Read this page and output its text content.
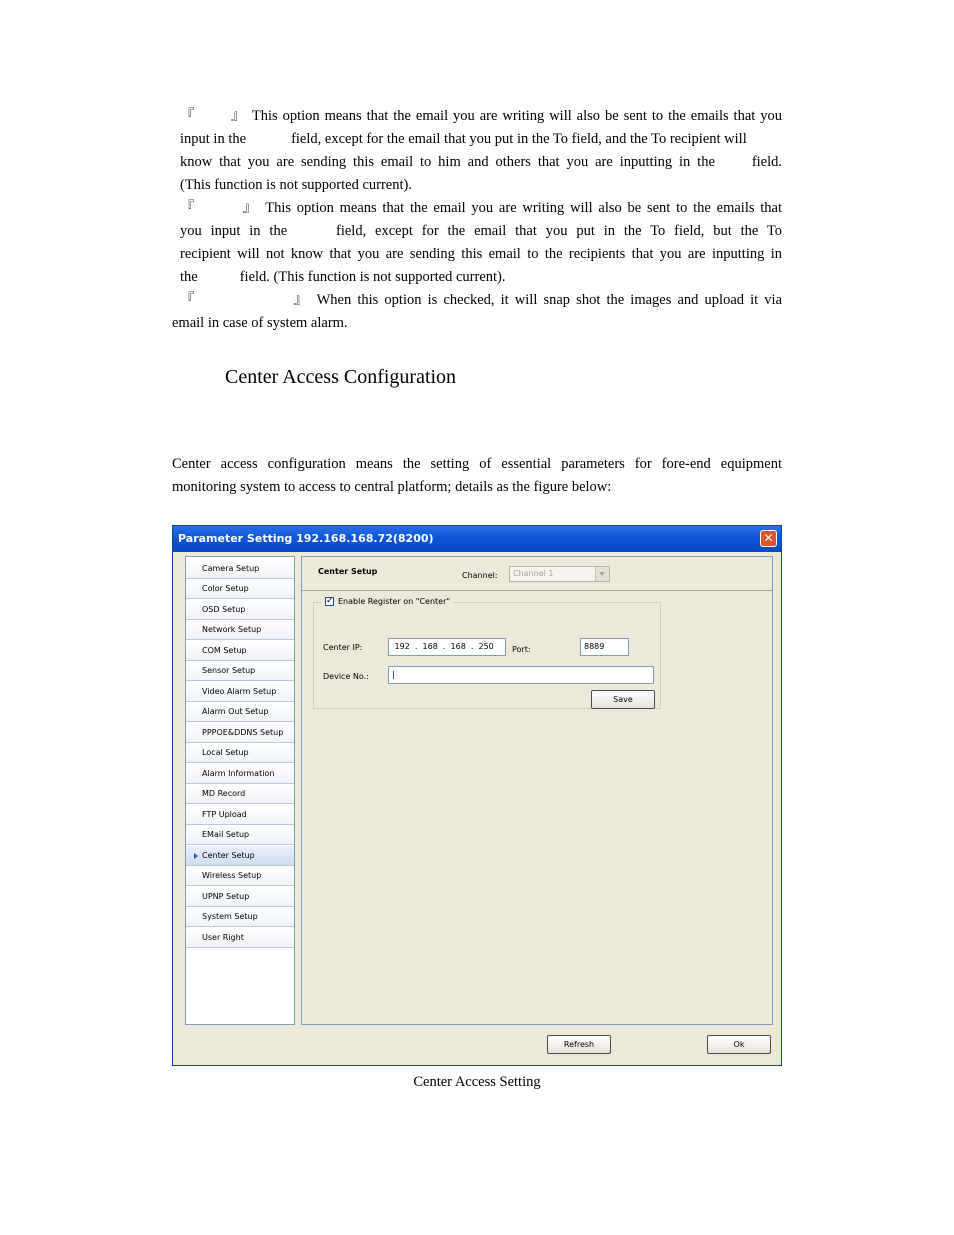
『 』 This option means that the email you are writing will also be sent to the emails that you
input in the	field, except for the email that you put in the To field, and the To recipient will
know that you are sending this email to him and others that you are inputting in the	field.
(This function is not supported current).
『	』 This option means that the email you are writing will also be sent to the emails that
you input in the	field, except for the email that you put in the To field, but the To
recipient will not know that you are sending this email to the recipients that you are inputting in
the	field. (This function is not supported current).
『	』 When this option is checked, it will snap shot the images and upload it via
email in case of system alarm.
Center Access Configuration
Center access configuration means the setting of essential parameters for fore-end equipment
monitoring system to access to central platform; details as the figure below:
Parameter Setting 192.168.168.72(8200)	✕
Camera Setup
Color Setup
OSD Setup
Network Setup
COM Setup
Sensor Setup
Video Alarm Setup
Alarm Out Setup
PPPOE&DDNS Setup
Local Setup
Alarm Information
MD Record
FTP Upload
EMail Setup
Center Setup
Wireless Setup
UPNP Setup
System Setup
User Right
Center Setup	Channel:	Channel 1
✓Enable Register on "Center"
Center IP:	192  .  168  .  168  .  250	Port:	8889
Device No.:	|
Save
Refresh	Ok
Center Access Setting
